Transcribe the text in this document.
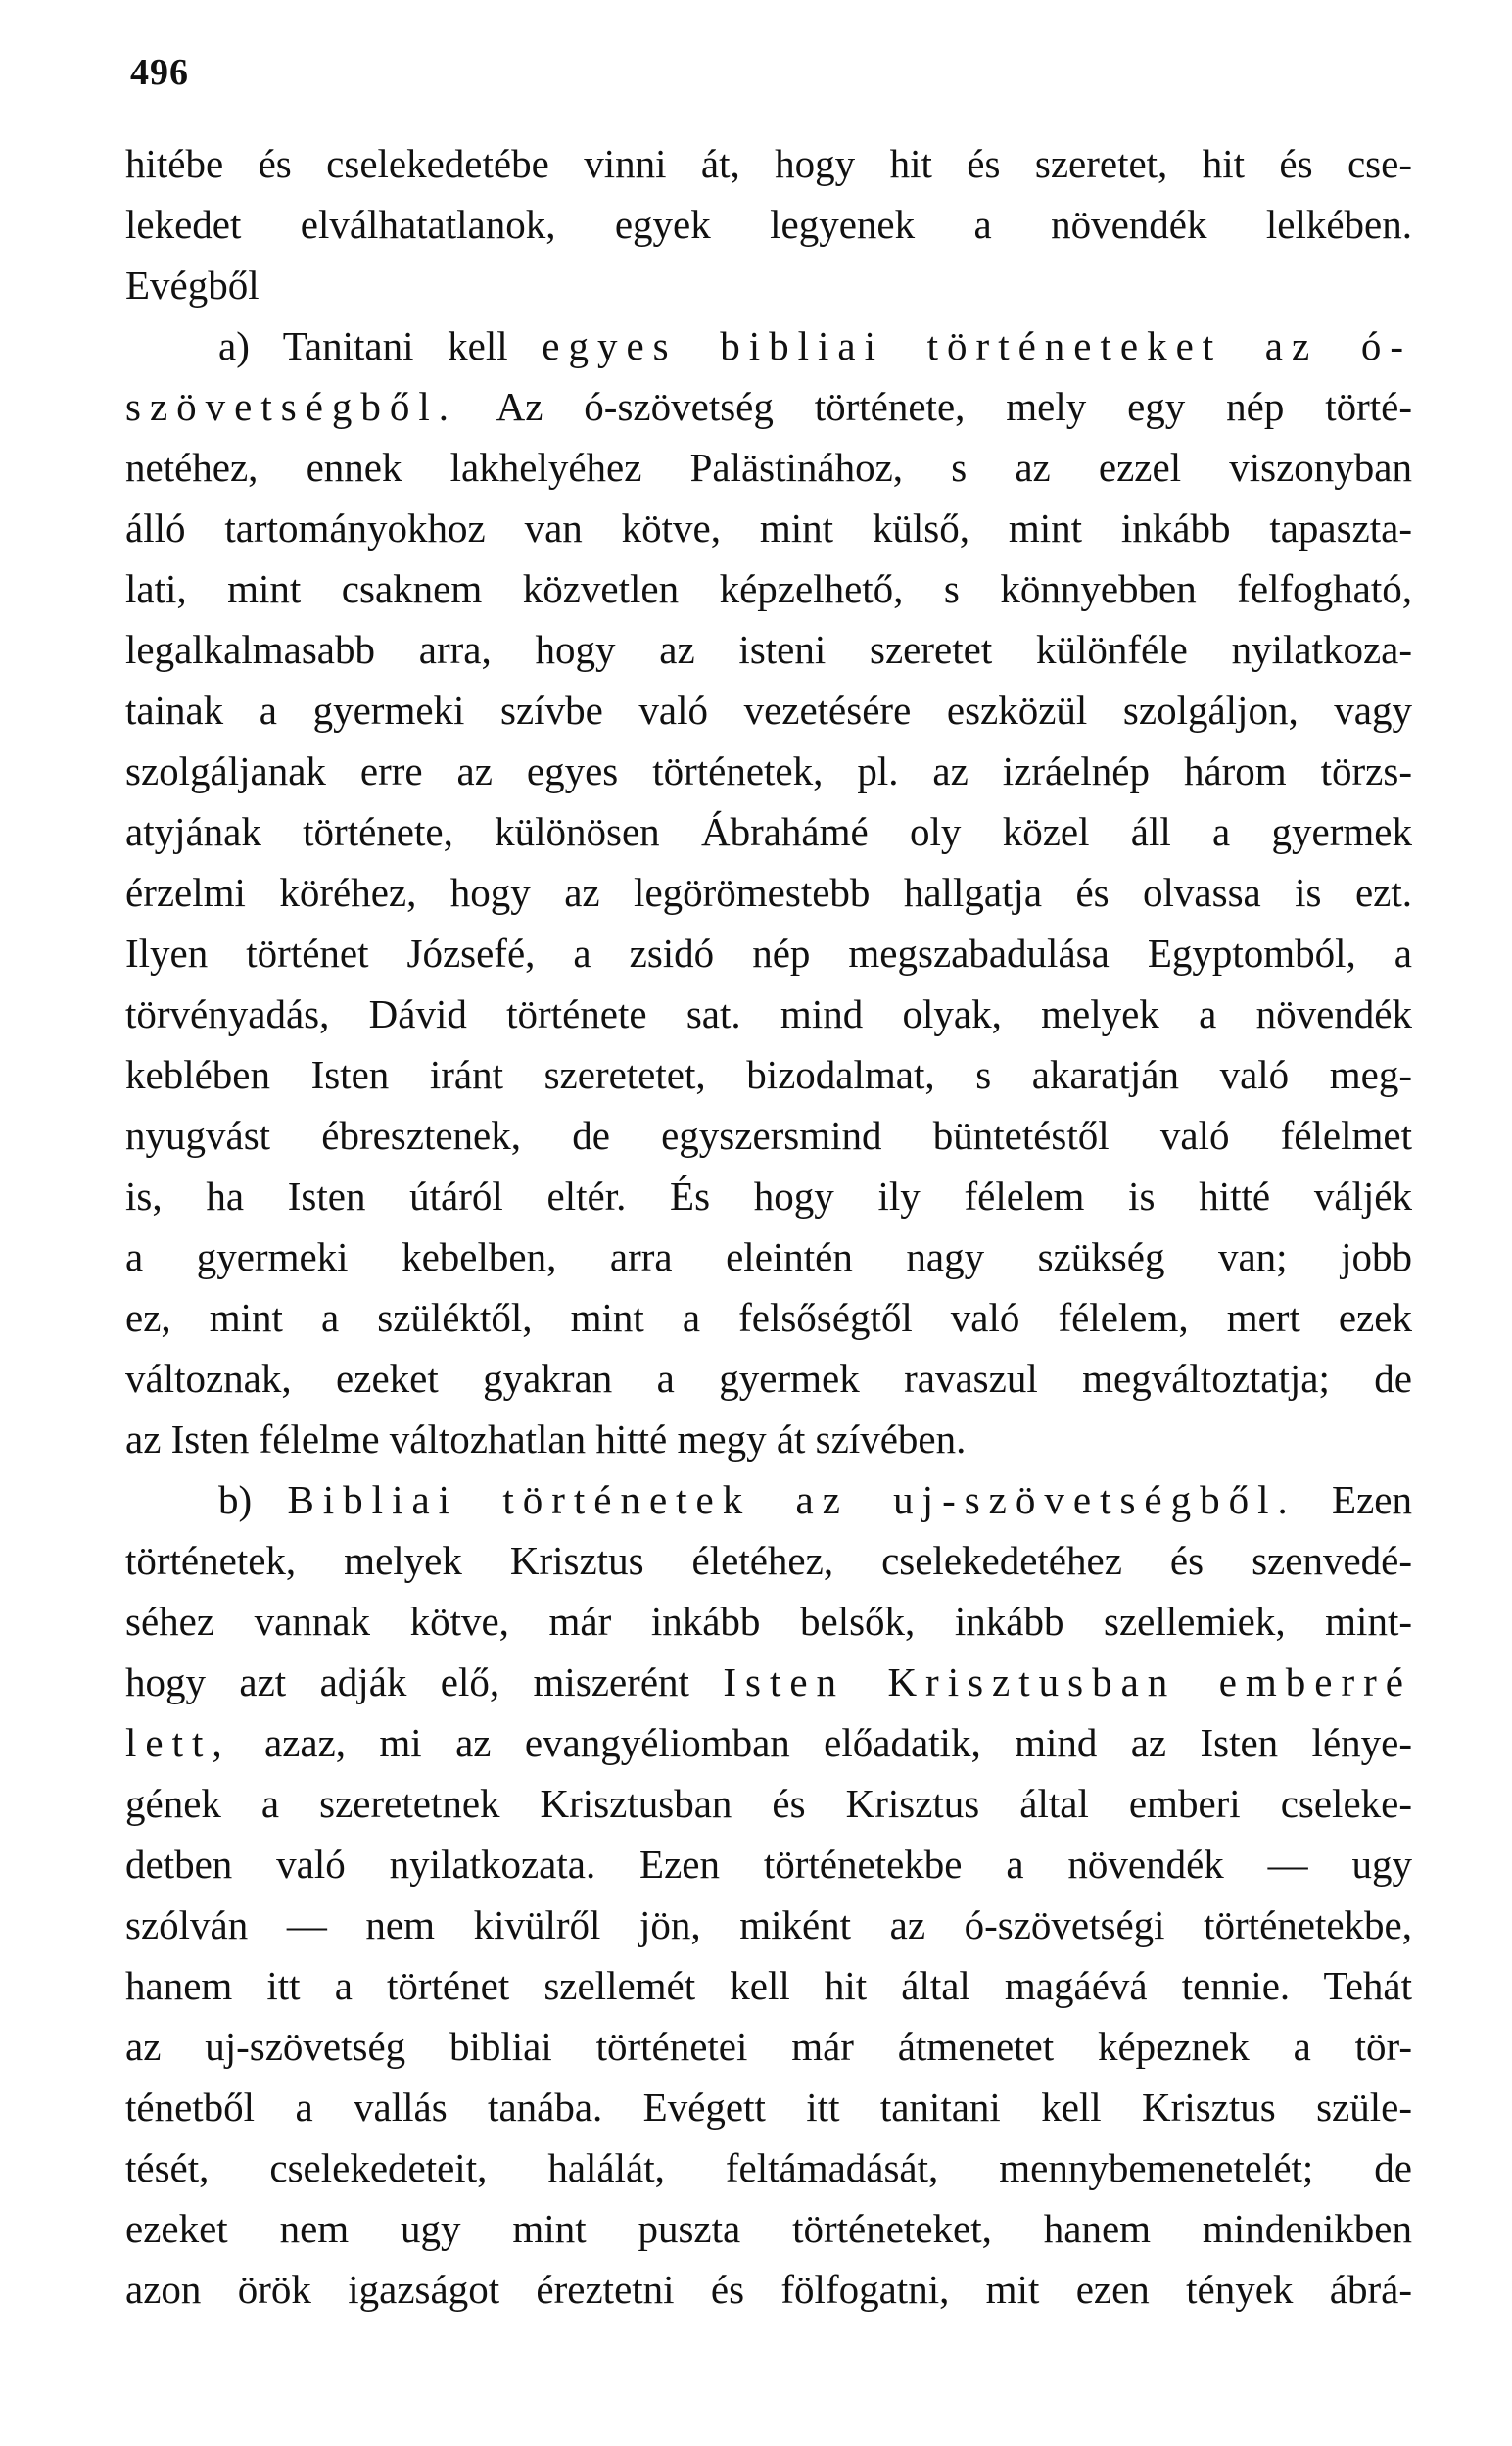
496
hitébe és cselekedetébe vinni át, hogy hit és szeretet, hit és cse-
lekedet elválhatatlanok, egyek legyenek a növendék lelkében.
Evégből
a) Tanitani kell egyes bibliai történeteket az ó-
szövetségből. Az ó-szövetség története, mely egy nép törté-
netéhez, ennek lakhelyéhez Palästinához, s az ezzel viszonyban
álló tartományokhoz van kötve, mint külső, mint inkább tapaszta-
lati, mint csaknem közvetlen képzelhető, s könnyebben felfogható,
legalkalmasabb arra, hogy az isteni szeretet különféle nyilatkoza-
tainak a gyermeki szívbe való vezetésére eszközül szolgáljon, vagy
szolgáljanak erre az egyes történetek, pl. az izráelnép három törzs-
atyjának története, különösen Ábrahámé oly közel áll a gyermek
érzelmi köréhez, hogy az legörömestebb hallgatja és olvassa is ezt.
Ilyen történet Józsefé, a zsidó nép megszabadulása Egyptomból, a
törvényadás, Dávid története sat. mind olyak, melyek a növendék
keblében Isten iránt szeretetet, bizodalmat, s akaratján való meg-
nyugvást ébresztenek, de egyszersmind büntetéstől való félelmet
is, ha Isten útáról eltér. És hogy ily félelem is hitté váljék
a gyermeki kebelben, arra eleintén nagy szükség van; jobb
ez, mint a szüléktől, mint a felsőségtől való félelem, mert ezek
változnak, ezeket gyakran a gyermek ravaszul megváltoztatja; de
az Isten félelme változhatlan hitté megy át szívében.
b) Bibliai történetek az uj-szövetségből. Ezen
történetek, melyek Krisztus életéhez, cselekedetéhez és szenvedé-
séhez vannak kötve, már inkább belsők, inkább szellemiek, mint-
hogy azt adják elő, miszerént Isten Krisztusban emberré
lett, azaz, mi az evangyéliomban előadatik, mind az Isten lénye-
gének a szeretetnek Krisztusban és Krisztus által emberi cseleke-
detben való nyilatkozata. Ezen történetekbe a növendék — ugy
szólván — nem kivülről jön, miként az ó-szövetségi történetekbe,
hanem itt a történet szellemét kell hit által magáévá tennie. Tehát
az uj-szövetség bibliai történetei már átmenetet képeznek a tör-
ténetből a vallás tanába. Evégett itt tanitani kell Krisztus szüle-
tését, cselekedeteit, halálát, feltámadását, mennybemenetelét; de
ezeket nem ugy mint puszta történeteket, hanem mindenikben
azon örök igazságot éreztetni és fölfogatni, mit ezen tények ábrá-
